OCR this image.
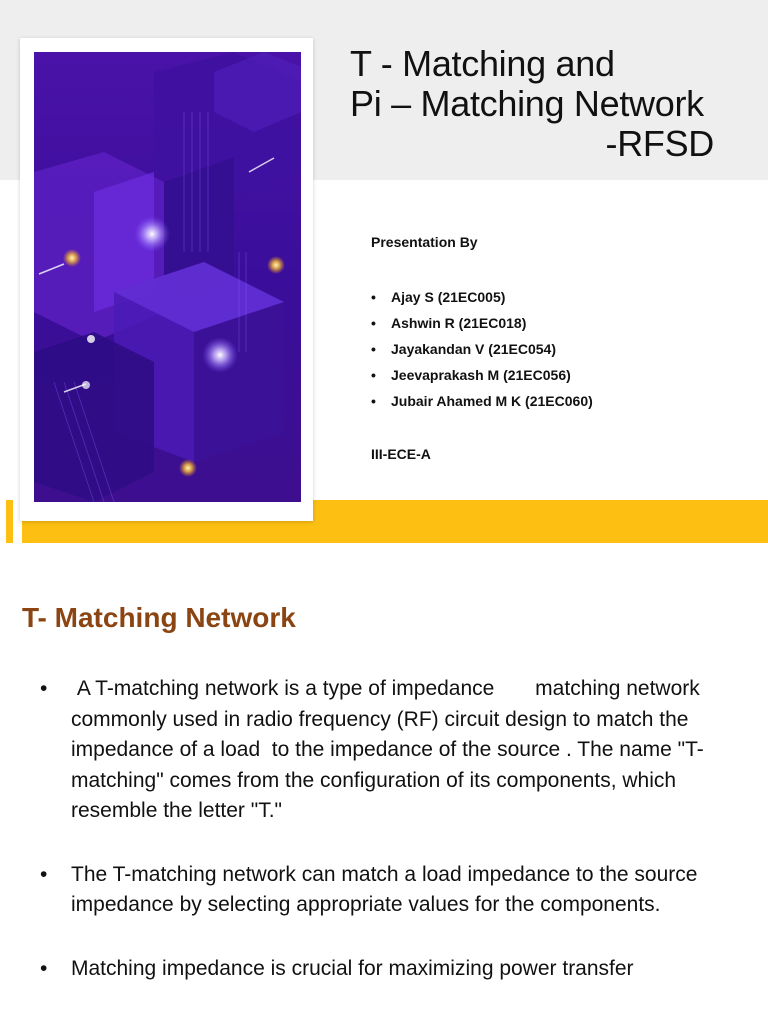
T - Matching and
Pi – Matching Network

-RFSD
Presentation By
• Ajay S (21EC005)
• Ashwin R (21EC018)
• Jayakandan V (21EC054)
• Jeevaprakash M (21EC056)
• Jubair Ahamed M K (21EC060)
III-ECE-A
T- Matching Network
• A T-matching network is a type of impedance       matching network commonly used in radio frequency (RF) circuit design to match the impedance of a load  to the impedance of the source . The name "T-matching" comes from the configuration of its components, which resemble the letter "T."
• The T-matching network can match a load impedance to the source impedance by selecting appropriate values for the components.
• Matching impedance is crucial for maximizing power transfer
